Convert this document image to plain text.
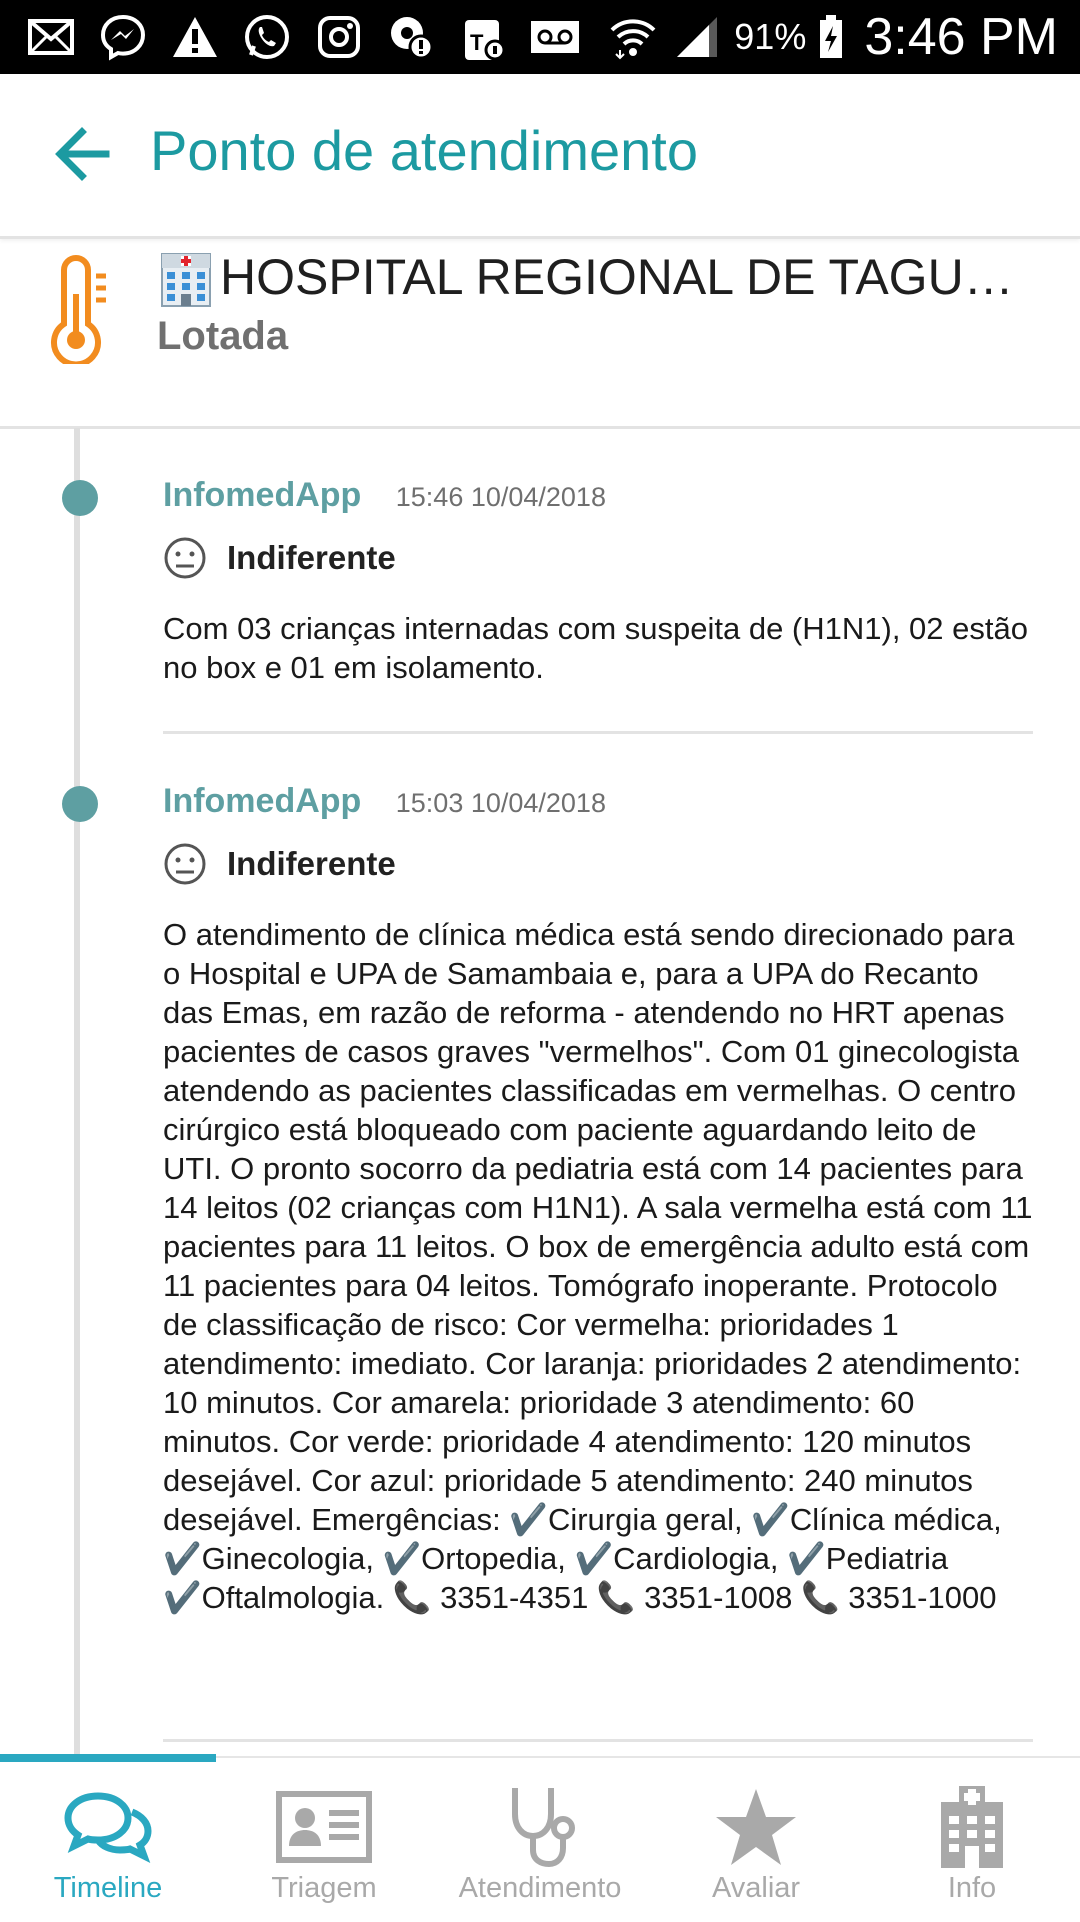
T	91% 3:46 PM
Ponto de atendimento
HOSPITAL REGIONAL DE TAGU…
Lotada
InfomedApp 15:46 10/04/2018
Indiferente
Com 03 crianças internadas com suspeita de (H1N1), 02 estão no box e 01 em isolamento.
InfomedApp 15:03 10/04/2018
Indiferente
O atendimento de clínica médica está sendo direcionado para o Hospital e UPA de Samambaia e, para a UPA do Recanto das Emas, em razão de reforma - atendendo no HRT apenas pacientes de casos graves "vermelhos". Com 01 ginecologista atendendo as pacientes classificadas em vermelhas. O centro cirúrgico está bloqueado com paciente aguardando leito de UTI. O pronto socorro da pediatria está com 14 pacientes para 14 leitos (02 crianças com H1N1). A sala vermelha está com 11 pacientes para 11 leitos. O box de emergência adulto está com 11 pacientes para 04 leitos. Tomógrafo inoperante. Protocolo de classificação de risco: Cor vermelha: prioridades 1 atendimento: imediato. Cor laranja: prioridades 2 atendimento: 10 minutos. Cor amarela: prioridade 3 atendimento: 60 minutos. Cor verde: prioridade 4 atendimento: 120 minutos desejável. Cor azul: prioridade 5 atendimento: 240 minutos desejável. Emergências: ✔️Cirurgia geral, ✔️Clínica médica, ✔️Ginecologia, ✔️Ortopedia, ✔️Cardiologia, ✔️Pediatria ✔️Oftalmologia. 📞 3351-4351 📞 3351-1008 📞 3351-1000
Timeline	Triagem	Atendimento	Avaliar	Info
